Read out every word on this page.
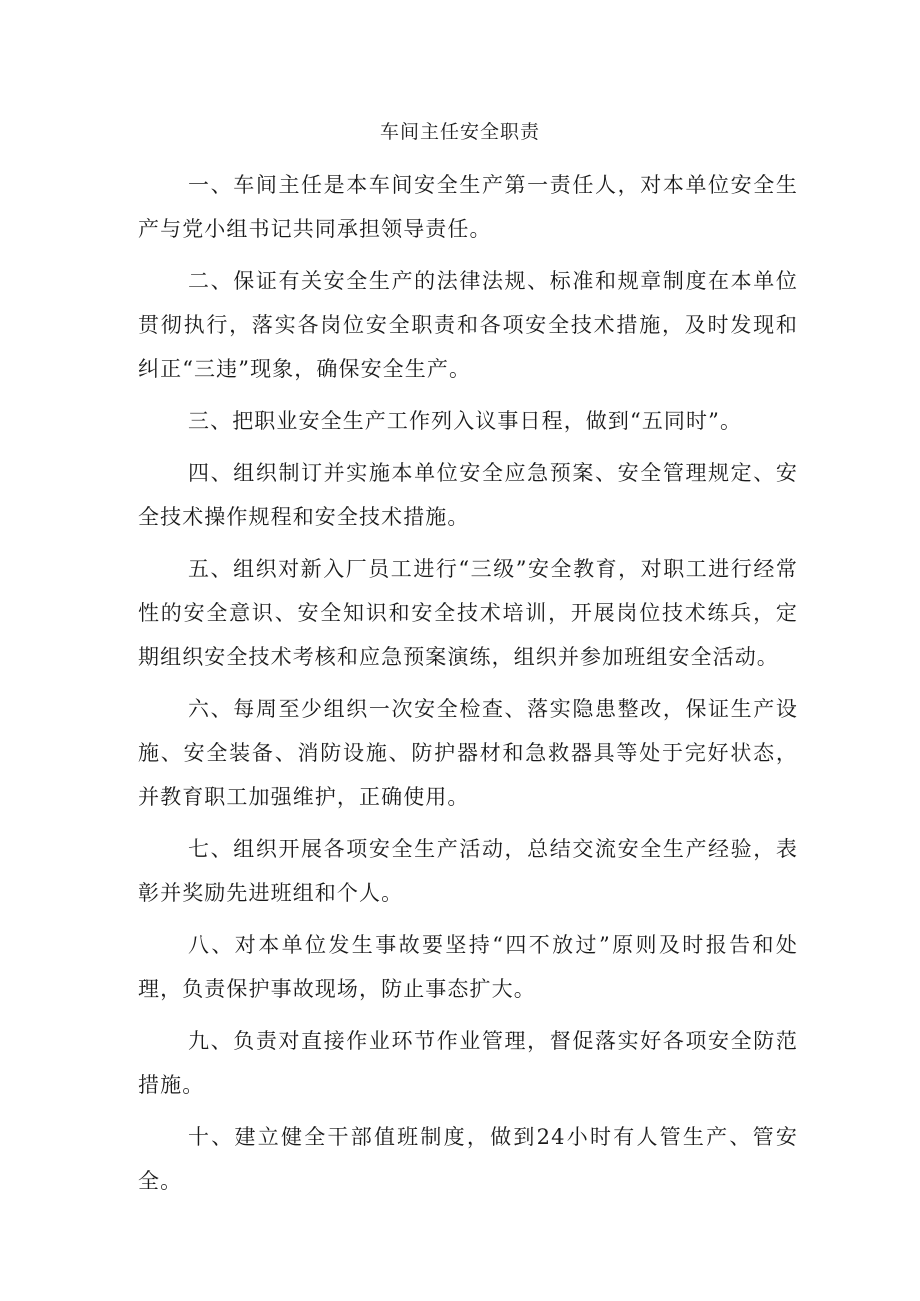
车间主任安全职责

一、车间主任是本车间安全生产第一责任人，对本单位安全生产与党小组书记共同承担领导责任。

二、保证有关安全生产的法律法规、标准和规章制度在本单位贯彻执行，落实各岗位安全职责和各项安全技术措施，及时发现和纠正“三违”现象，确保安全生产。

三、把职业安全生产工作列入议事日程，做到“五同时”。

四、组织制订并实施本单位安全应急预案、安全管理规定、安全技术操作规程和安全技术措施。

五、组织对新入厂员工进行“三级”安全教育，对职工进行经常性的安全意识、安全知识和安全技术培训，开展岗位技术练兵，定期组织安全技术考核和应急预案演练，组织并参加班组安全活动。

六、每周至少组织一次安全检查、落实隐患整改，保证生产设施、安全装备、消防设施、防护器材和急救器具等处于完好状态，并教育职工加强维护，正确使用。

七、组织开展各项安全生产活动，总结交流安全生产经验，表彰并奖励先进班组和个人。

八、对本单位发生事故要坚持“四不放过”原则及时报告和处理，负责保护事故现场，防止事态扩大。

九、负责对直接作业环节作业管理，督促落实好各项安全防范措施。

十、建立健全干部值班制度，做到24小时有人管生产、管安全。
